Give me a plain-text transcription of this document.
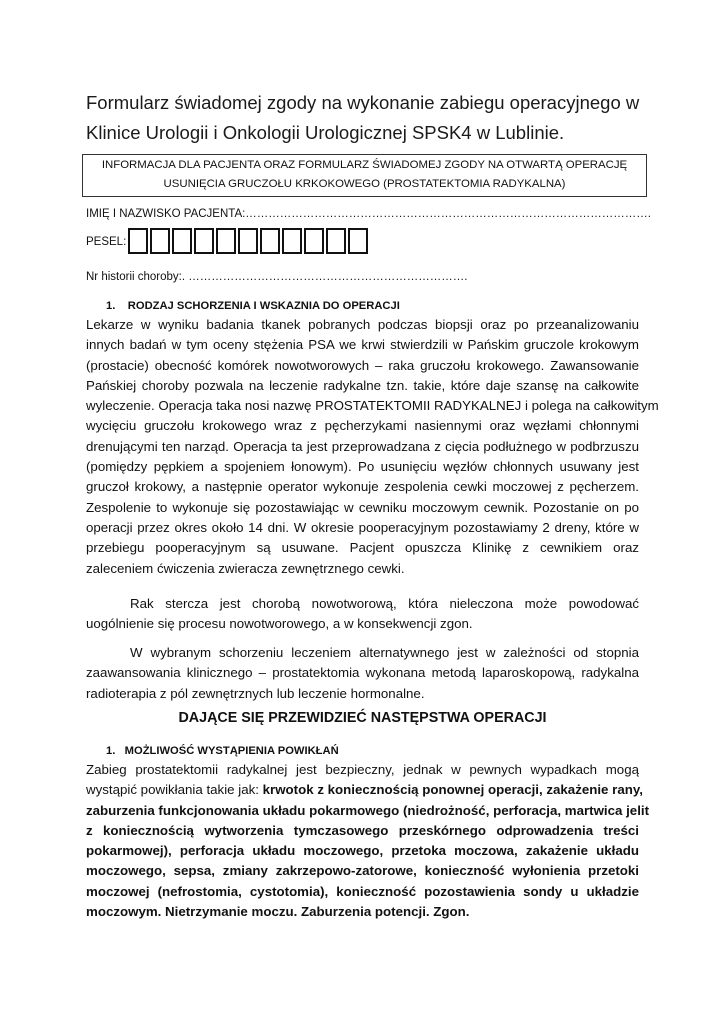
Formularz świadomej zgody na wykonanie zabiegu operacyjnego w
Klinice Urologii i Onkologii Urologicznej SPSK4 w Lublinie.
INFORMACJA DLA PACJENTA ORAZ FORMULARZ ŚWIADOMEJ ZGODY NA OTWARTĄ OPERACJĘ
USUNIĘCIA GRUCZOŁU KRKOKOWEGO (PROSTATEKTOMIA RADYKALNA)
IMIĘ I NAZWISKO PACJENTA:…………………………………………………………………………………………….
PESEL:
Nr historii choroby:. ……………………………………………………………….
1. RODZAJ SCHORZENIA I WSKAZNIA DO OPERACJI
Lekarze w wyniku badania tkanek pobranych podczas biopsji oraz po przeanalizowaniu
innych badań w tym oceny stężenia PSA we krwi stwierdzili w Pańskim gruczole krokowym
(prostacie) obecność komórek nowotworowych – raka gruczołu krokowego. Zawansowanie
Pańskiej choroby pozwala na leczenie radykalne tzn. takie, które daje szansę na całkowite
wyleczenie. Operacja taka nosi nazwę PROSTATEKTOMII RADYKALNEJ i polega na całkowitym
wycięciu gruczołu krokowego wraz z pęcherzykami nasiennymi oraz węzłami chłonnymi
drenującymi ten narząd. Operacja ta jest przeprowadzana z cięcia podłużnego w podbrzuszu
(pomiędzy pępkiem a spojeniem łonowym). Po usunięciu węzłów chłonnych usuwany jest
gruczoł krokowy, a następnie operator wykonuje zespolenia cewki moczowej z pęcherzem.
Zespolenie to wykonuje się pozostawiając w cewniku moczowym cewnik. Pozostanie on po
operacji przez okres około 14 dni. W okresie pooperacyjnym pozostawiamy 2 dreny, które w
przebiegu pooperacyjnym są usuwane. Pacjent opuszcza Klinikę z cewnikiem oraz
zaleceniem ćwiczenia zwieracza zewnętrznego cewki.
Rak stercza jest chorobą nowotworową, która nieleczona może powodować
uogólnienie się procesu nowotworowego, a w konsekwencji zgon.
W wybranym schorzeniu leczeniem alternatywnego jest w zależności od stopnia
zaawansowania klinicznego – prostatektomia wykonana metodą laparoskopową, radykalna
radioterapia z pól zewnętrznych lub leczenie hormonalne.
DAJĄCE SIĘ PRZEWIDZIEĆ NASTĘPSTWA OPERACJI
1. MOŻLIWOŚĆ WYSTĄPIENIA POWIKŁAŃ
Zabieg prostatektomii radykalnej jest bezpieczny, jednak w pewnych wypadkach mogą
wystąpić powikłania takie jak: krwotok z koniecznością ponownej operacji, zakażenie rany,
zaburzenia funkcjonowania układu pokarmowego (niedrożność, perforacja, martwica jelit
z koniecznością wytworzenia tymczasowego przeskórnego odprowadzenia treści
pokarmowej), perforacja układu moczowego, przetoka moczowa, zakażenie układu
moczowego, sepsa, zmiany zakrzepowo-zatorowe, konieczność wyłonienia przetoki
moczowej (nefrostomia, cystotomia), konieczność pozostawienia sondy u układzie
moczowym. Nietrzymanie moczu. Zaburzenia potencji. Zgon.
